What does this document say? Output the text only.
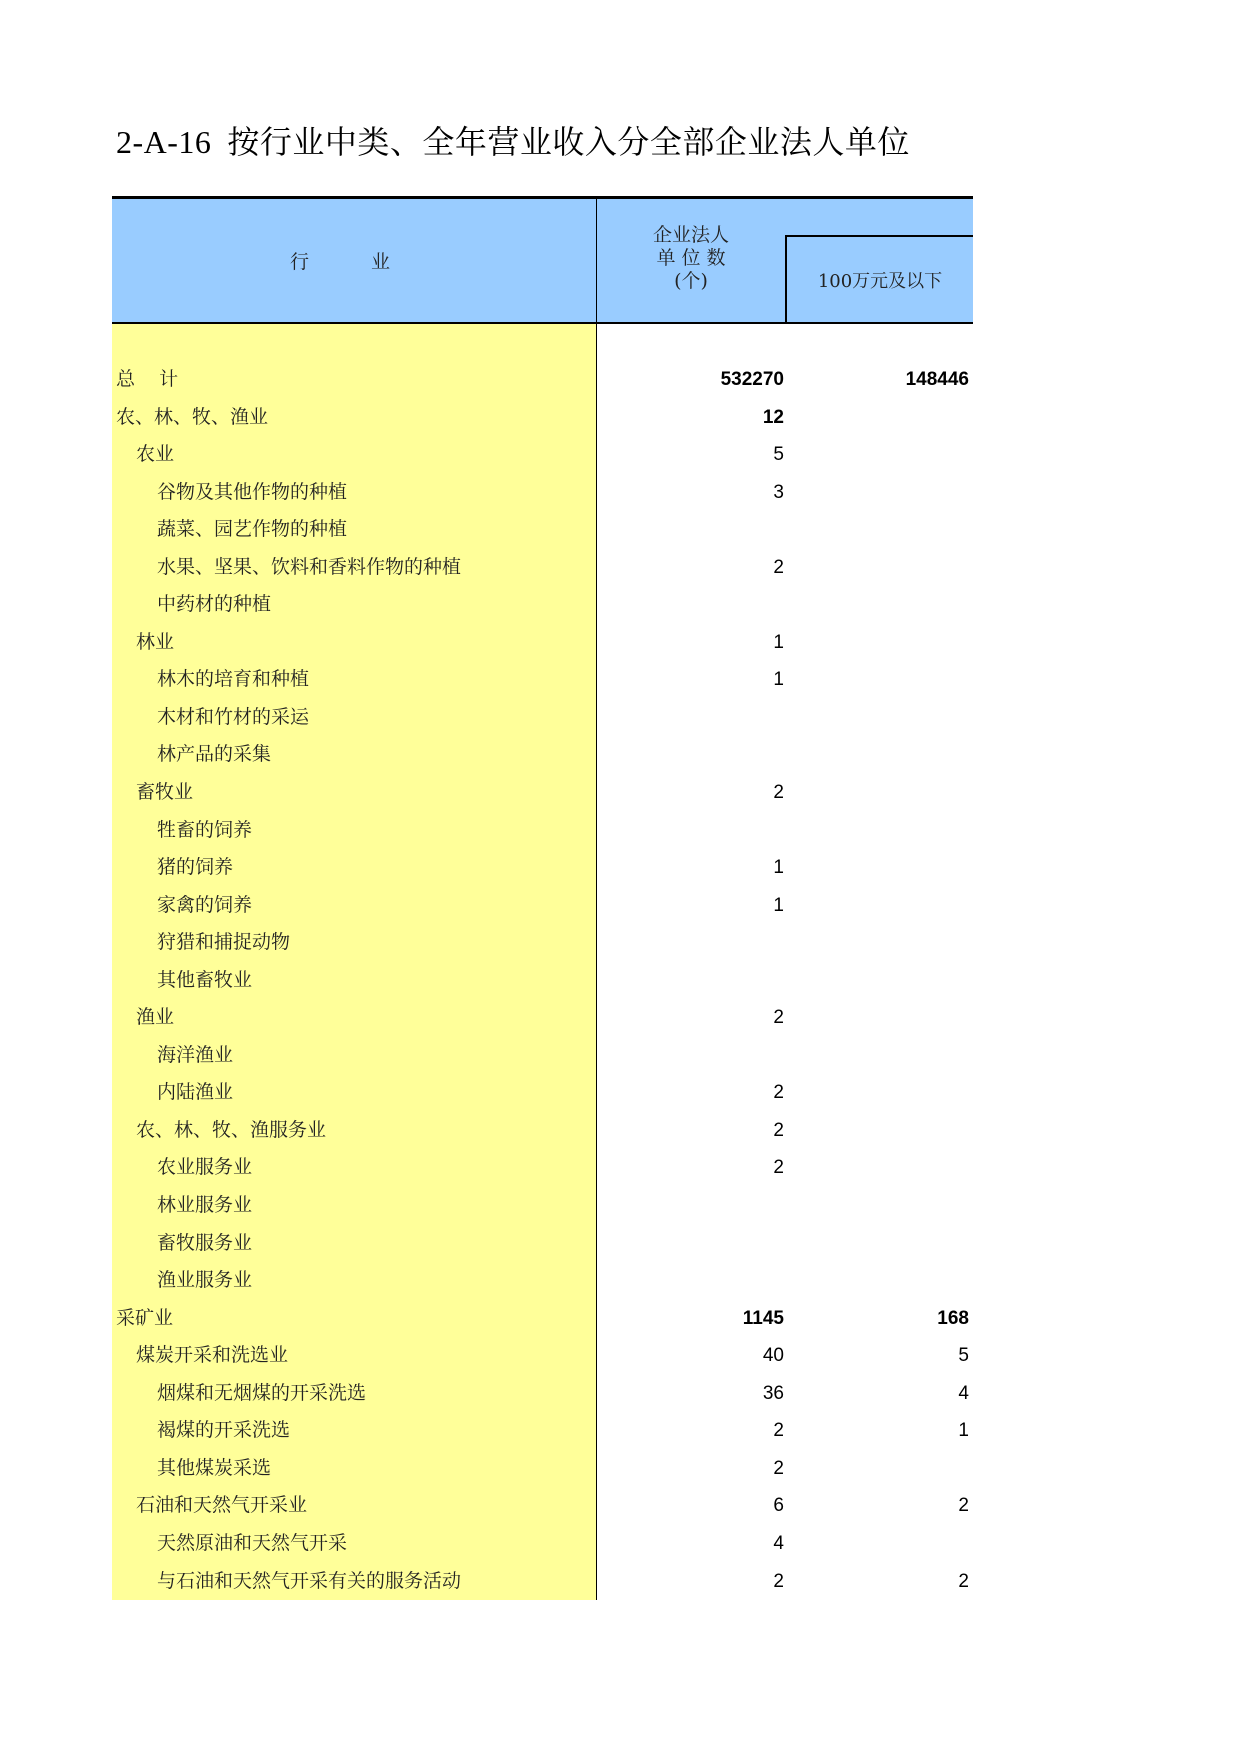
2-A-16 按行业中类、全年营业收入分全部企业法人单位
行 业
企业法人
单 位 数
(个)	100万元及以下
总    计	532270	148446
农、林、牧、渔业	12
农业	5
谷物及其他作物的种植	3
蔬菜、园艺作物的种植
水果、坚果、饮料和香料作物的种植	2
中药材的种植
林业	1
林木的培育和种植	1
木材和竹材的采运
林产品的采集
畜牧业	2
牲畜的饲养
猪的饲养	1
家禽的饲养	1
狩猎和捕捉动物
其他畜牧业
渔业	2
海洋渔业
内陆渔业	2
农、林、牧、渔服务业	2
农业服务业	2
林业服务业
畜牧服务业
渔业服务业
采矿业	1145	168
煤炭开采和洗选业	40	5
烟煤和无烟煤的开采洗选	36	4
褐煤的开采洗选	2	1
其他煤炭采选	2
石油和天然气开采业	6	2
天然原油和天然气开采	4
与石油和天然气开采有关的服务活动	2	2
